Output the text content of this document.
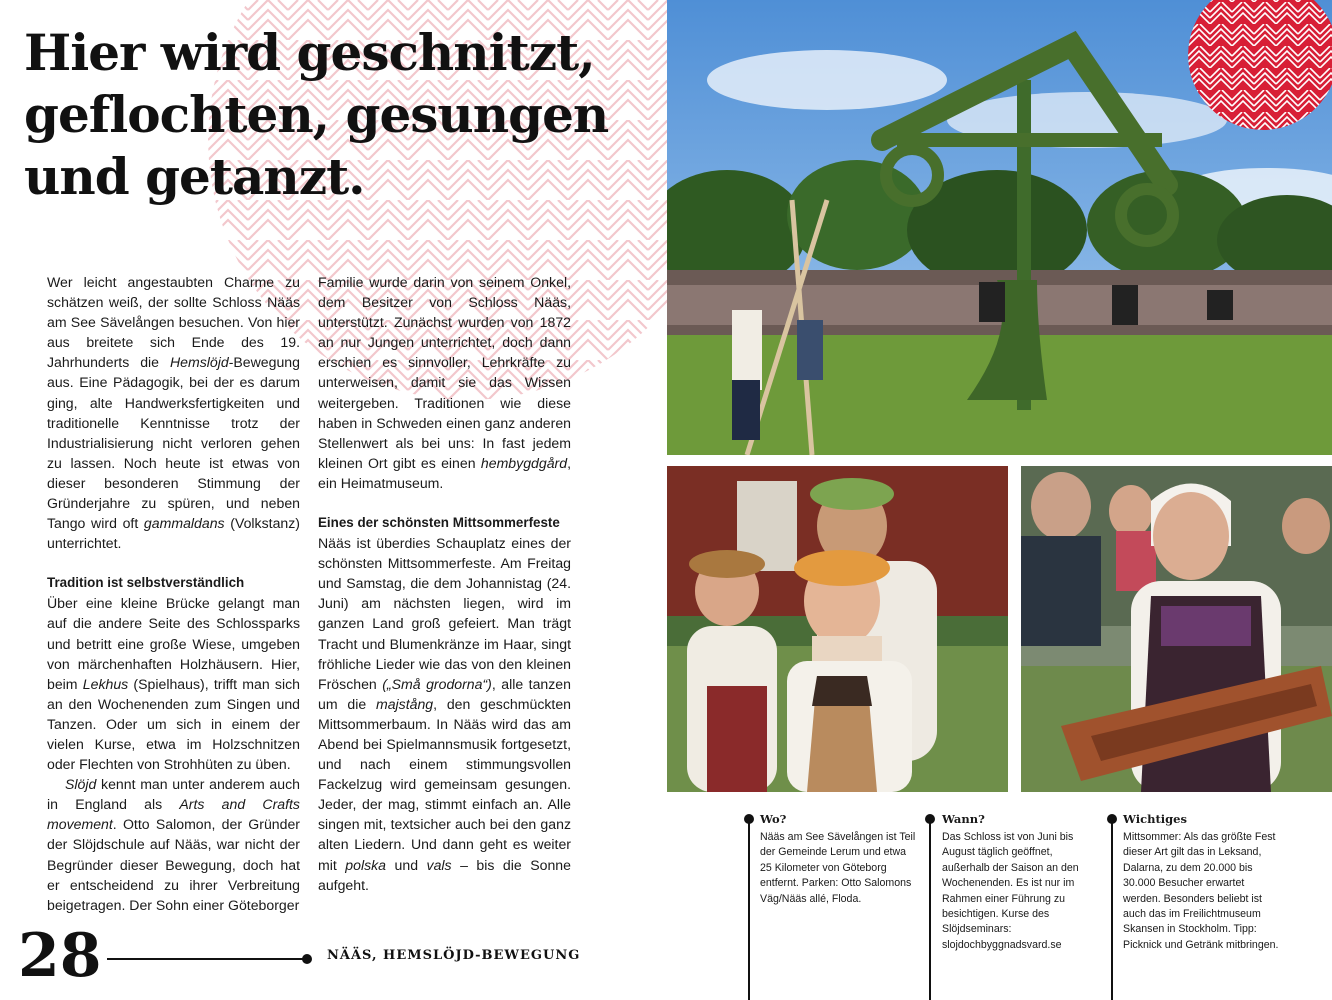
Hier wird geschnitzt,
geflochten, gesungen
und getanzt.

Wer leicht angestaubten Charme zu schätzen weiß, der sollte Schloss Nääs am See Sävelången besuchen. Von hier aus breitete sich Ende des 19. Jahrhunderts die Hemslöjd-Bewegung aus. Eine Pädagogik, bei der es darum ging, alte Handwerksfertigkeiten und traditionelle Kenntnisse trotz der Industrialisierung nicht verloren gehen zu lassen. Noch heute ist etwas von dieser besonderen Stimmung der Gründerjahre zu spüren, und neben Tango wird oft gammaldans (Volkstanz) unterrichtet.

Tradition ist selbstverständlich

Über eine kleine Brücke gelangt man auf die andere Seite des Schlossparks und betritt eine große Wiese, umgeben von märchenhaften Holzhäusern. Hier, beim Lekhus (Spielhaus), trifft man sich an den Wochenenden zum Singen und Tanzen. Oder um sich in einem der vielen Kurse, etwa im Holzschnitzen oder Flechten von Strohhüten zu üben.

Slöjd kennt man unter anderem auch in England als Arts and Crafts movement. Otto Salomon, der Gründer der Slöjdschule auf Nääs, war nicht der Begründer dieser Bewegung, doch hat er entscheidend zu ihrer Verbreitung beigetragen. Der Sohn einer Göteborger

Familie wurde darin von seinem Onkel, dem Besitzer von Schloss Nääs, unterstützt. Zunächst wurden von 1872 an nur Jungen unterrichtet, doch dann erschien es sinnvoller, Lehrkräfte zu unterweisen, damit sie das Wissen weitergeben. Traditionen wie diese haben in Schweden einen ganz anderen Stellenwert als bei uns: In fast jedem kleinen Ort gibt es einen hembygdgård, ein Heimatmuseum.

Eines der schönsten Mittsommerfeste

Nääs ist überdies Schauplatz eines der schönsten Mittsommerfeste. Am Freitag und Samstag, die dem Johannistag (24. Juni) am nächsten liegen, wird im ganzen Land groß gefeiert. Man trägt Tracht und Blumenkränze im Haar, singt fröhliche Lieder wie das von den kleinen Fröschen („Små grodorna“), alle tanzen um die majstång, den geschmückten Mittsommerbaum. In Nääs wird das am Abend bei Spielmannsmusik fortgesetzt, und nach einem stimmungsvollen Fackelzug wird gemeinsam gesungen. Jeder, der mag, stimmt einfach an. Alle singen mit, textsicher auch bei den ganz alten Liedern. Und dann geht es weiter mit polska und vals – bis die Sonne aufgeht.

Wo?

Nääs am See Sävelången ist Teil der Gemeinde Lerum und etwa 25 Kilometer von Göteborg entfernt. Parken: Otto Salomons Väg/Nääs allé, Floda.

Wann?

Das Schloss ist von Juni bis August täglich geöffnet, außerhalb der Saison an den Wochenenden. Es ist nur im Rahmen einer Führung zu besichtigen. Kurse des Slöjdseminars: slojdochbyggnadsvard.se

Wichtiges

Mittsommer: Als das größte Fest dieser Art gilt das in Leksand, Dalarna, zu dem 20.000 bis 30.000 Besucher erwartet werden. Besonders beliebt ist auch das im Freilichtmuseum Skansen in Stockholm. Tipp: Picknick und Getränk mitbringen.

28	NÄÄS, HEMSLÖJD-BEWEGUNG
